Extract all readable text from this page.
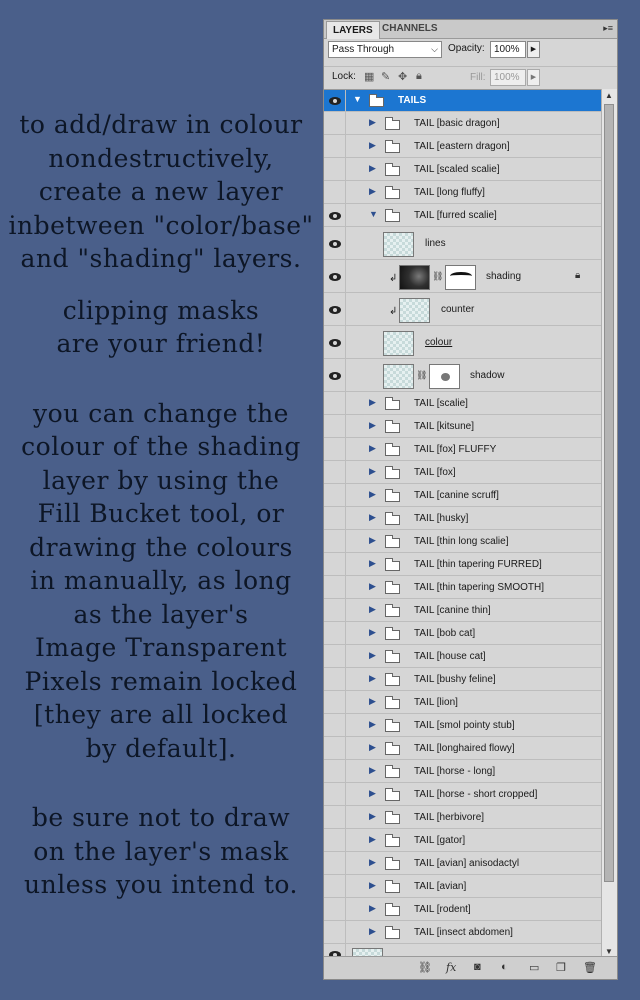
to add/draw in colour
nondestructively,
create a new layer
inbetween "color/base"
and "shading" layers.

clipping masks
are your friend!

you can change the
colour of the shading
layer by using the
Fill Bucket tool, or
drawing the colours
in manually, as long
as the layer's
Image Transparent
Pixels remain locked
[they are all locked
by default].

be sure not to draw
on the layer's mask
unless you intend to.

LAYERS CHANNELS	▸≡
Pass Through	⌵ Opacity: 100%	▶
Lock: ▦ ✎ ✥ 🔒︎	Fill: 100%	▶
▼	TAILS
▶	TAIL [basic dragon]
▶	TAIL [eastern dragon]
▶	TAIL [scaled scalie]
▶	TAIL [long fluffy]
▼	TAIL [furred scalie]
lines
↲	⛓	shading	🔒︎
↲	counter
colour
⛓	shadow
▶	TAIL [scalie]
▶	TAIL [kitsune]
▶	TAIL [fox] FLUFFY
▶	TAIL [fox]
▶	TAIL [canine scruff]
▶	TAIL [husky]
▶	TAIL [thin long scalie]
▶	TAIL [thin tapering FURRED]
▶	TAIL [thin tapering SMOOTH]
▶	TAIL [canine thin]
▶	TAIL [bob cat]
▶	TAIL [house cat]
▶	TAIL [bushy feline]
▶	TAIL [lion]
▶	TAIL [smol pointy stub]
▶	TAIL [longhaired flowy]
▶	TAIL [horse - long]
▶	TAIL [horse - short cropped]
▶	TAIL [herbivore]
▶	TAIL [gator]
▶	TAIL [avian] anisodactyl
▶	TAIL [avian]
▶	TAIL [rodent]
▶	TAIL [insect abdomen]
▲
▼
⛓ fx ◙ ◐ ▭ ❐ 🗑︎
